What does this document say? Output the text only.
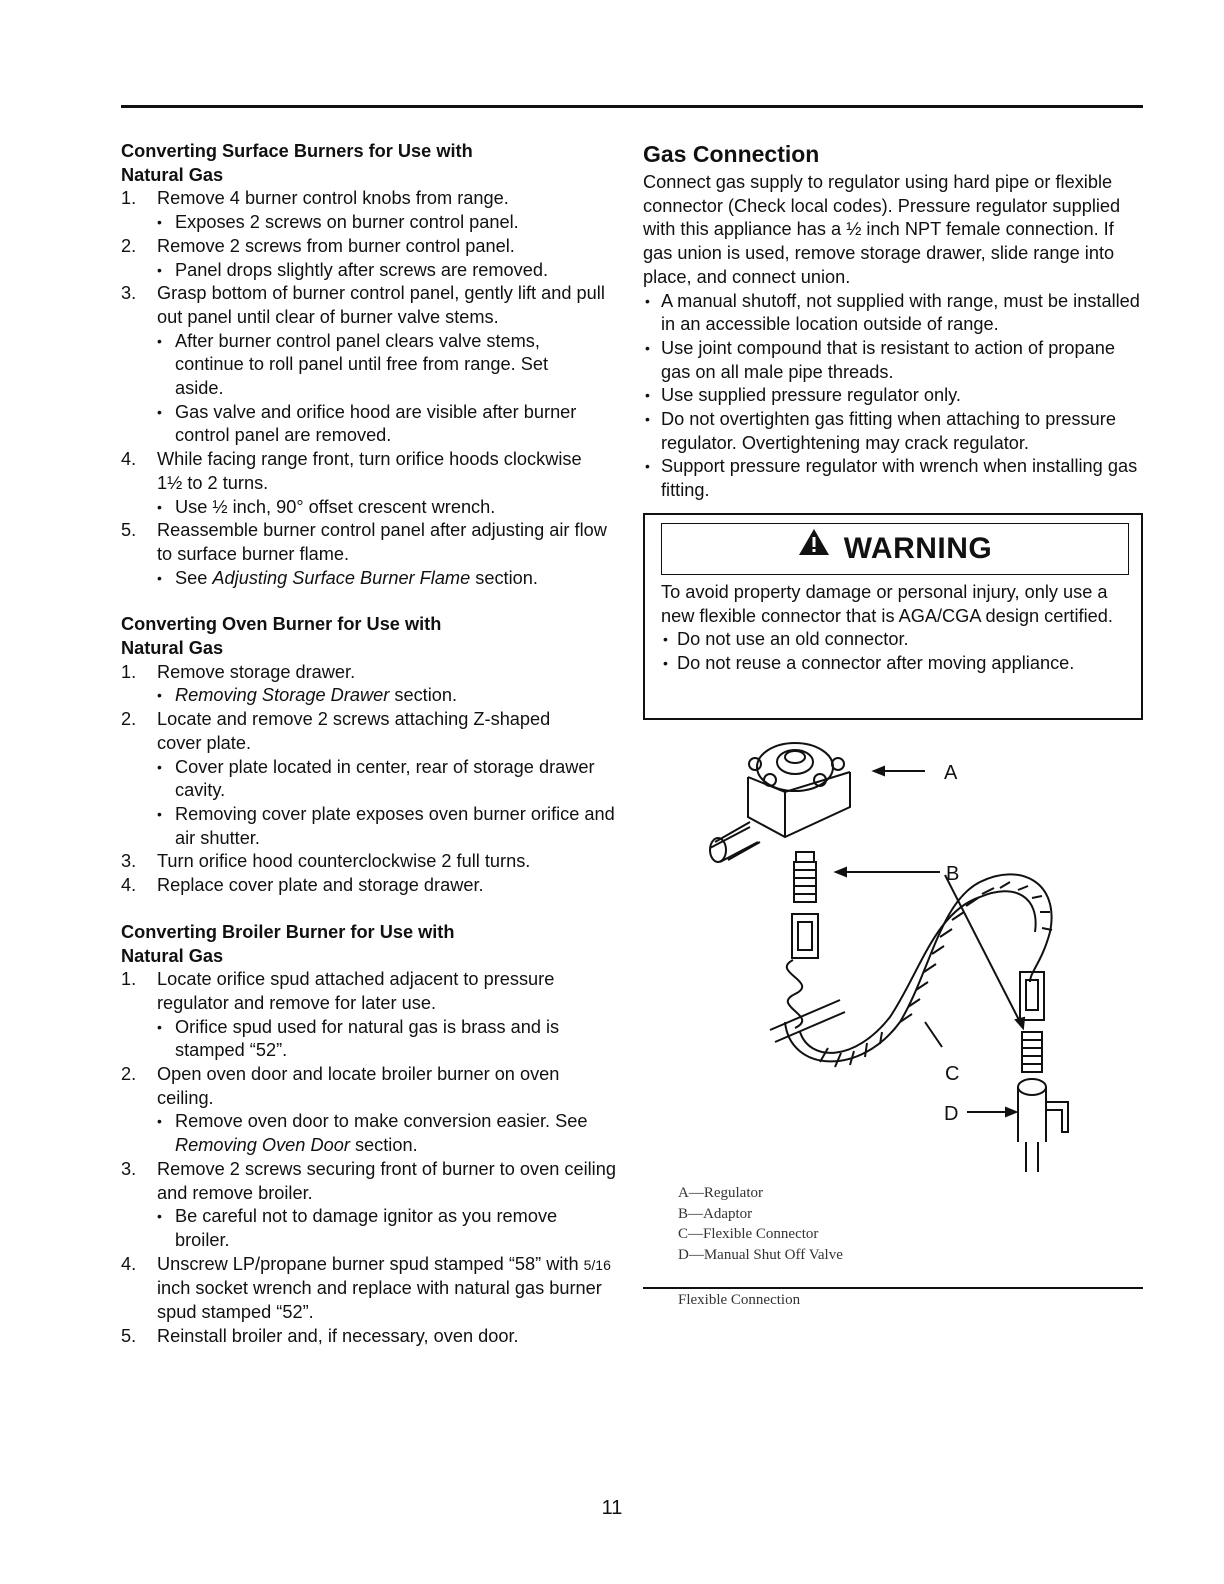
Converting Surface Burners for Use with Natural Gas

1. Remove 4 burner control knobs from range.
• Exposes 2 screws on burner control panel.
2. Remove 2 screws from burner control panel.
• Panel drops slightly after screws are removed.
3. Grasp bottom of burner control panel, gently lift and pull out panel until clear of burner valve stems.
• After burner control panel clears valve stems, continue to roll panel until free from range. Set aside.
• Gas valve and orifice hood are visible after burner control panel are removed.
4. While facing range front, turn orifice hoods clockwise 1½ to 2 turns.
• Use ½ inch, 90° offset crescent wrench.
5. Reassemble burner control panel after adjusting air flow to surface burner flame.
• See Adjusting Surface Burner Flame section.

Converting Oven Burner for Use with Natural Gas

1. Remove storage drawer.
• Removing Storage Drawer section.
2. Locate and remove 2 screws attaching Z-shaped cover plate.
• Cover plate located in center, rear of storage drawer cavity.
• Removing cover plate exposes oven burner orifice and air shutter.
3. Turn orifice hood counterclockwise 2 full turns.
4. Replace cover plate and storage drawer.

Converting Broiler Burner for Use with Natural Gas

1. Locate orifice spud attached adjacent to pressure regulator and remove for later use.
• Orifice spud used for natural gas is brass and is stamped “52”.
2. Open oven door and locate broiler burner on oven ceiling.
• Remove oven door to make conversion easier. See Removing Oven Door section.
3. Remove 2 screws securing front of burner to oven ceiling and remove broiler.
• Be careful not to damage ignitor as you remove broiler.
4. Unscrew LP/propane burner spud stamped “58” with 5/16 inch socket wrench and replace with natural gas burner spud stamped “52”.
5. Reinstall broiler and, if necessary, oven door.

Gas Connection

Connect gas supply to regulator using hard pipe or flexible connector (Check local codes). Pressure regulator supplied with this appliance has a ½ inch NPT female connection. If gas union is used, remove storage drawer, slide range into place, and connect union.
• A manual shutoff, not supplied with range, must be installed in an accessible location outside of range.
• Use joint compound that is resistant to action of propane gas on all male pipe threads.
• Use supplied pressure regulator only.
• Do not overtighten gas fitting when attaching to pressure regulator. Overtightening may crack regulator.
• Support pressure regulator with wrench when installing gas fitting.
WARNING
To avoid property damage or personal injury, only use a new flexible connector that is AGA/CGA design certified.
• Do not use an old connector.
• Do not reuse a connector after moving appliance.
A
B
C
D
A—Regulator
B—Adaptor
C—Flexible Connector
D—Manual Shut Off Valve
Flexible Connection
11
